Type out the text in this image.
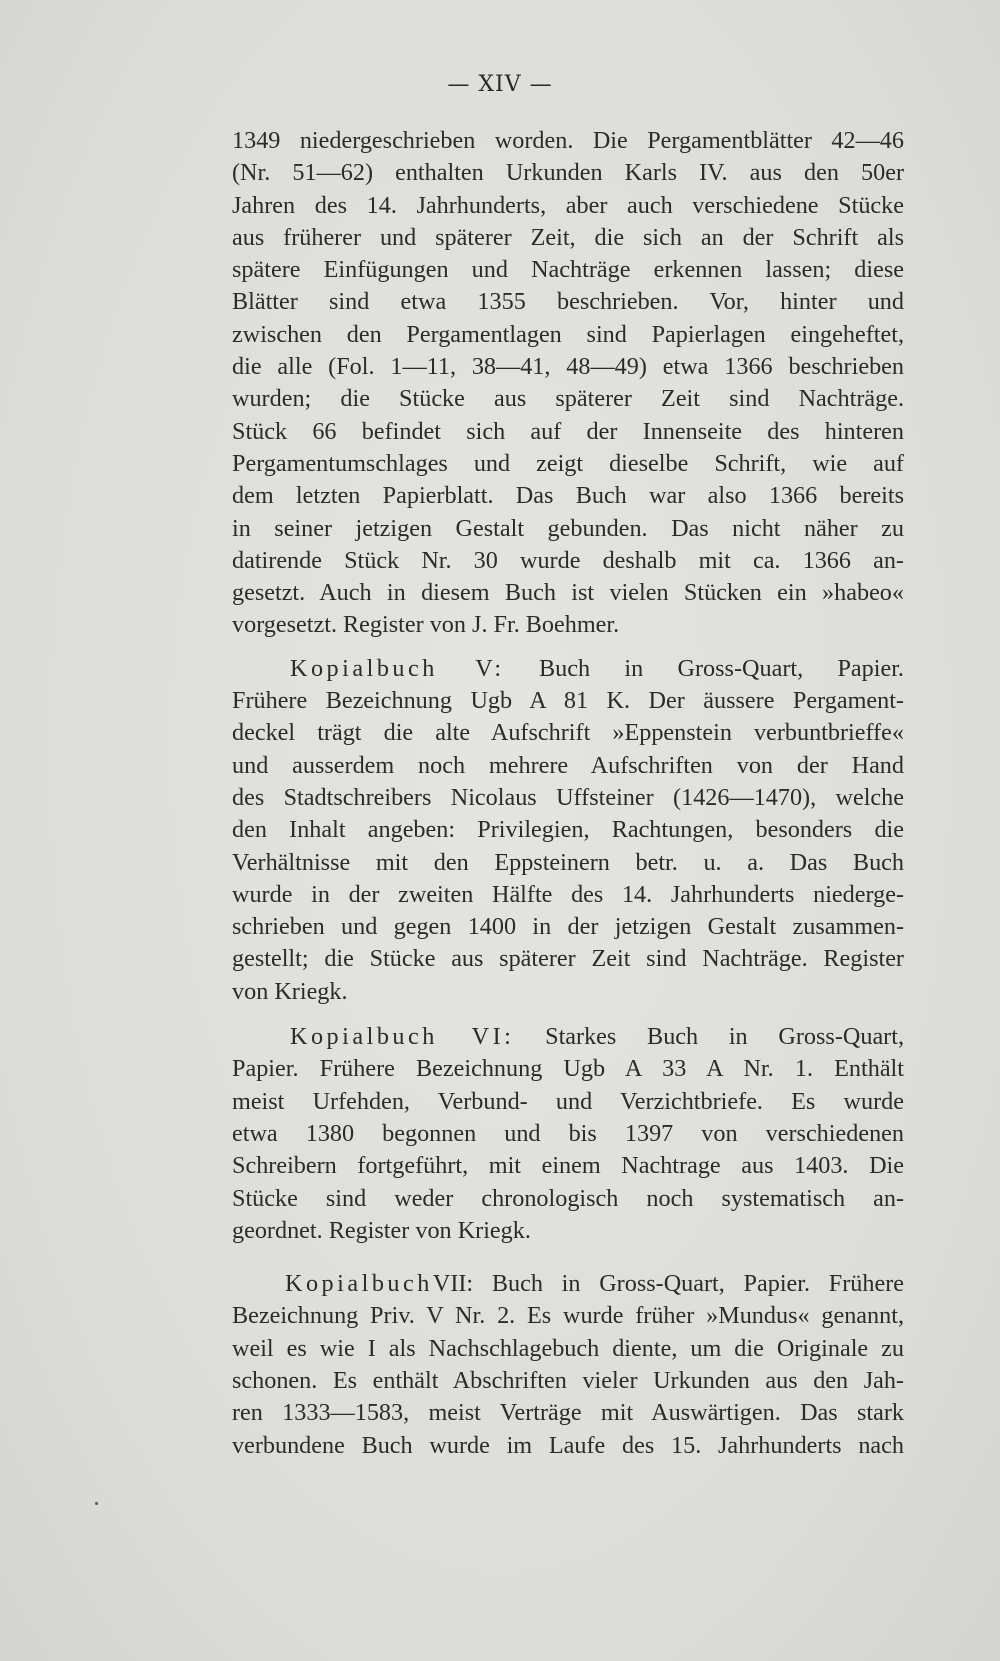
— XIV —

1349 niedergeschrieben worden. Die Pergamentblätter 42—46

(Nr. 51—62) enthalten Urkunden Karls IV. aus den 50er

Jahren des 14. Jahrhunderts, aber auch verschiedene Stücke

aus früherer und späterer Zeit, die sich an der Schrift als

spätere Einfügungen und Nachträge erkennen lassen; diese

Blätter sind etwa 1355 beschrieben. Vor, hinter und

zwischen den Pergamentlagen sind Papierlagen eingeheftet,

die alle (Fol. 1—11, 38—41, 48—49) etwa 1366 beschrieben

wurden; die Stücke aus späterer Zeit sind Nachträge.

Stück 66 befindet sich auf der Innenseite des hinteren

Pergamentumschlages und zeigt dieselbe Schrift, wie auf

dem letzten Papierblatt. Das Buch war also 1366 bereits

in seiner jetzigen Gestalt gebunden. Das nicht näher zu

datirende Stück Nr. 30 wurde deshalb mit ca. 1366 an-

gesetzt. Auch in diesem Buch ist vielen Stücken ein »habeo«

vorgesetzt. Register von J. Fr. Boehmer.

Kopialbuch V: Buch in Gross-Quart, Papier.

Frühere Bezeichnung Ugb A 81 K. Der äussere Pergament-

deckel trägt die alte Aufschrift »Eppenstein verbuntbrieffe«

und ausserdem noch mehrere Aufschriften von der Hand

des Stadtschreibers Nicolaus Uffsteiner (1426—1470), welche

den Inhalt angeben: Privilegien, Rachtungen, besonders die

Verhältnisse mit den Eppsteinern betr. u. a. Das Buch

wurde in der zweiten Hälfte des 14. Jahrhunderts niederge-

schrieben und gegen 1400 in der jetzigen Gestalt zusammen-

gestellt; die Stücke aus späterer Zeit sind Nachträge. Register

von Kriegk.

Kopialbuch VI: Starkes Buch in Gross-Quart,

Papier. Frühere Bezeichnung Ugb A 33 A Nr. 1. Enthält

meist Urfehden, Verbund- und Verzichtbriefe. Es wurde

etwa 1380 begonnen und bis 1397 von verschiedenen

Schreibern fortgeführt, mit einem Nachtrage aus 1403. Die

Stücke sind weder chronologisch noch systematisch an-

geordnet. Register von Kriegk.

KopialbuchVII: Buch in Gross-Quart, Papier. Frühere

Bezeichnung Priv. V Nr. 2. Es wurde früher »Mundus« genannt,

weil es wie I als Nachschlagebuch diente, um die Originale zu

schonen. Es enthält Abschriften vieler Urkunden aus den Jah-

ren 1333—1583, meist Verträge mit Auswärtigen. Das stark

verbundene Buch wurde im Laufe des 15. Jahrhunderts nach
